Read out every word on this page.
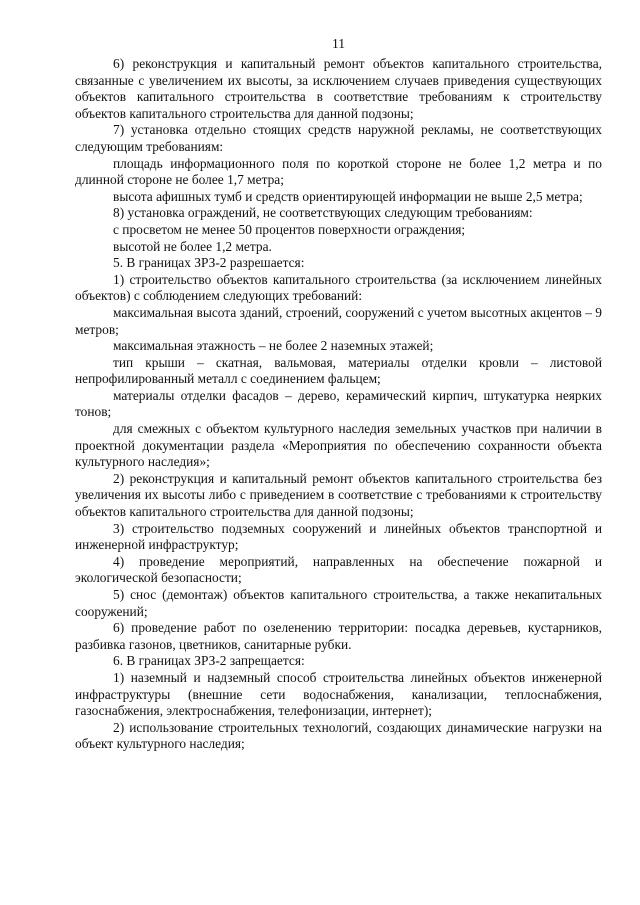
11

6) реконструкция и капитальный ремонт объектов капитального строительства, связанные с увеличением их высоты, за исключением случаев приведения существующих объектов капитального строительства в соответствие требованиям к строительству объектов капитального строительства для данной подзоны;

7) установка отдельно стоящих средств наружной рекламы, не соответствующих следующим требованиям:

площадь информационного поля по короткой стороне не более 1,2 метра и по длинной стороне не более 1,7 метра;

высота афишных тумб и средств ориентирующей информации не выше 2,5 метра;

8) установка ограждений, не соответствующих следующим требованиям:

с просветом не менее 50 процентов поверхности ограждения;

высотой не более 1,2 метра.

5. В границах ЗРЗ-2 разрешается:

1) строительство объектов капитального строительства (за исключением линейных объектов) с соблюдением следующих требований:

максимальная высота зданий, строений, сооружений с учетом высотных акцентов – 9 метров;

максимальная этажность – не более 2 наземных этажей;

тип крыши – скатная, вальмовая, материалы отделки кровли – листовой непрофилированный металл с соединением фальцем;

материалы отделки фасадов – дерево, керамический кирпич, штукатурка неярких тонов;

для смежных с объектом культурного наследия земельных участков при наличии в проектной документации раздела «Мероприятия по обеспечению сохранности объекта культурного наследия»;

2) реконструкция и капитальный ремонт объектов капитального строительства без увеличения их высоты либо с приведением в соответствие с требованиями к строительству объектов капитального строительства для данной подзоны;

3) строительство подземных сооружений и линейных объектов транспортной и инженерной инфраструктур;

4) проведение мероприятий, направленных на обеспечение пожарной и экологической безопасности;

5) снос (демонтаж) объектов капитального строительства, а также некапитальных сооружений;

6) проведение работ по озеленению территории: посадка деревьев, кустарников, разбивка газонов, цветников, санитарные рубки.

6. В границах ЗРЗ-2 запрещается:

1) наземный и надземный способ строительства линейных объектов инженерной инфраструктуры (внешние сети водоснабжения, канализации, теплоснабжения, газоснабжения, электроснабжения, телефонизации, интернет);

2) использование строительных технологий, создающих динамические нагрузки на объект культурного наследия;
